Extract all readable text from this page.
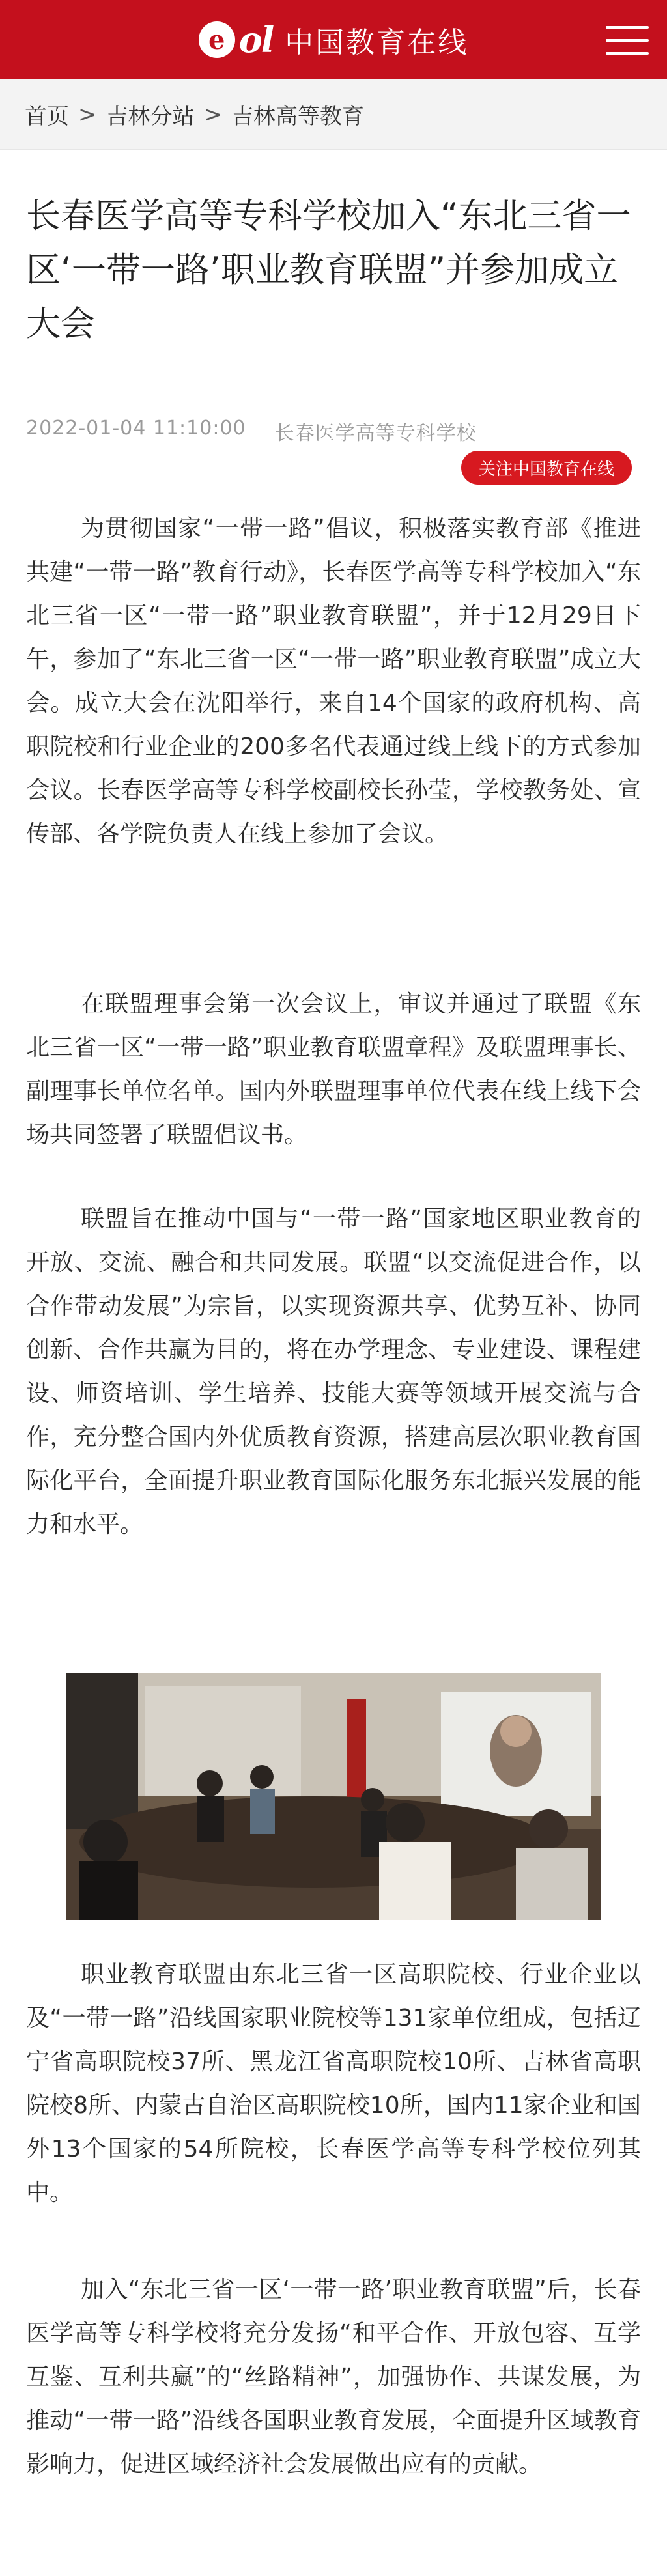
e ol 中国教育在线
首页 > 吉林分站 > 吉林高等教育
长春医学高等专科学校加入“东北三省一区‘一带一路’职业教育联盟”并参加成立大会
2022-01-04 11:10:00 长春医学高等专科学校
关注中国教育在线

为贯彻国家“一带一路”倡议，积极落实教育部《推进共建“一带一路”教育行动》，长春医学高等专科学校加入“东北三省一区“一带一路”职业教育联盟”，并于12月29日下午，参加了“东北三省一区“一带一路”职业教育联盟”成立大会。成立大会在沈阳举行，来自14个国家的政府机构、高职院校和行业企业的200多名代表通过线上线下的方式参加会议。长春医学高等专科学校副校长孙莹，学校教务处、宣传部、各学院负责人在线上参加了会议。

在联盟理事会第一次会议上，审议并通过了联盟《东北三省一区“一带一路”职业教育联盟章程》及联盟理事长、副理事长单位名单。国内外联盟理事单位代表在线上线下会场共同签署了联盟倡议书。

联盟旨在推动中国与“一带一路”国家地区职业教育的开放、交流、融合和共同发展。联盟“以交流促进合作，以合作带动发展”为宗旨，以实现资源共享、优势互补、协同创新、合作共赢为目的，将在办学理念、专业建设、课程建设、师资培训、学生培养、技能大赛等领域开展交流与合作，充分整合国内外优质教育资源，搭建高层次职业教育国际化平台，全面提升职业教育国际化服务东北振兴发展的能力和水平。

职业教育联盟由东北三省一区高职院校、行业企业以及“一带一路”沿线国家职业院校等131家单位组成，包括辽宁省高职院校37所、黑龙江省高职院校10所、吉林省高职院校8所、内蒙古自治区高职院校10所，国内11家企业和国外13个国家的54所院校，长春医学高等专科学校位列其中。

加入“东北三省一区‘一带一路’职业教育联盟”后，长春医学高等专科学校将充分发扬“和平合作、开放包容、互学互鉴、互利共赢”的“丝路精神”，加强协作、共谋发展，为推动“一带一路”沿线各国职业教育发展，全面提升区域教育影响力，促进区域经济社会发展做出应有的贡献。
